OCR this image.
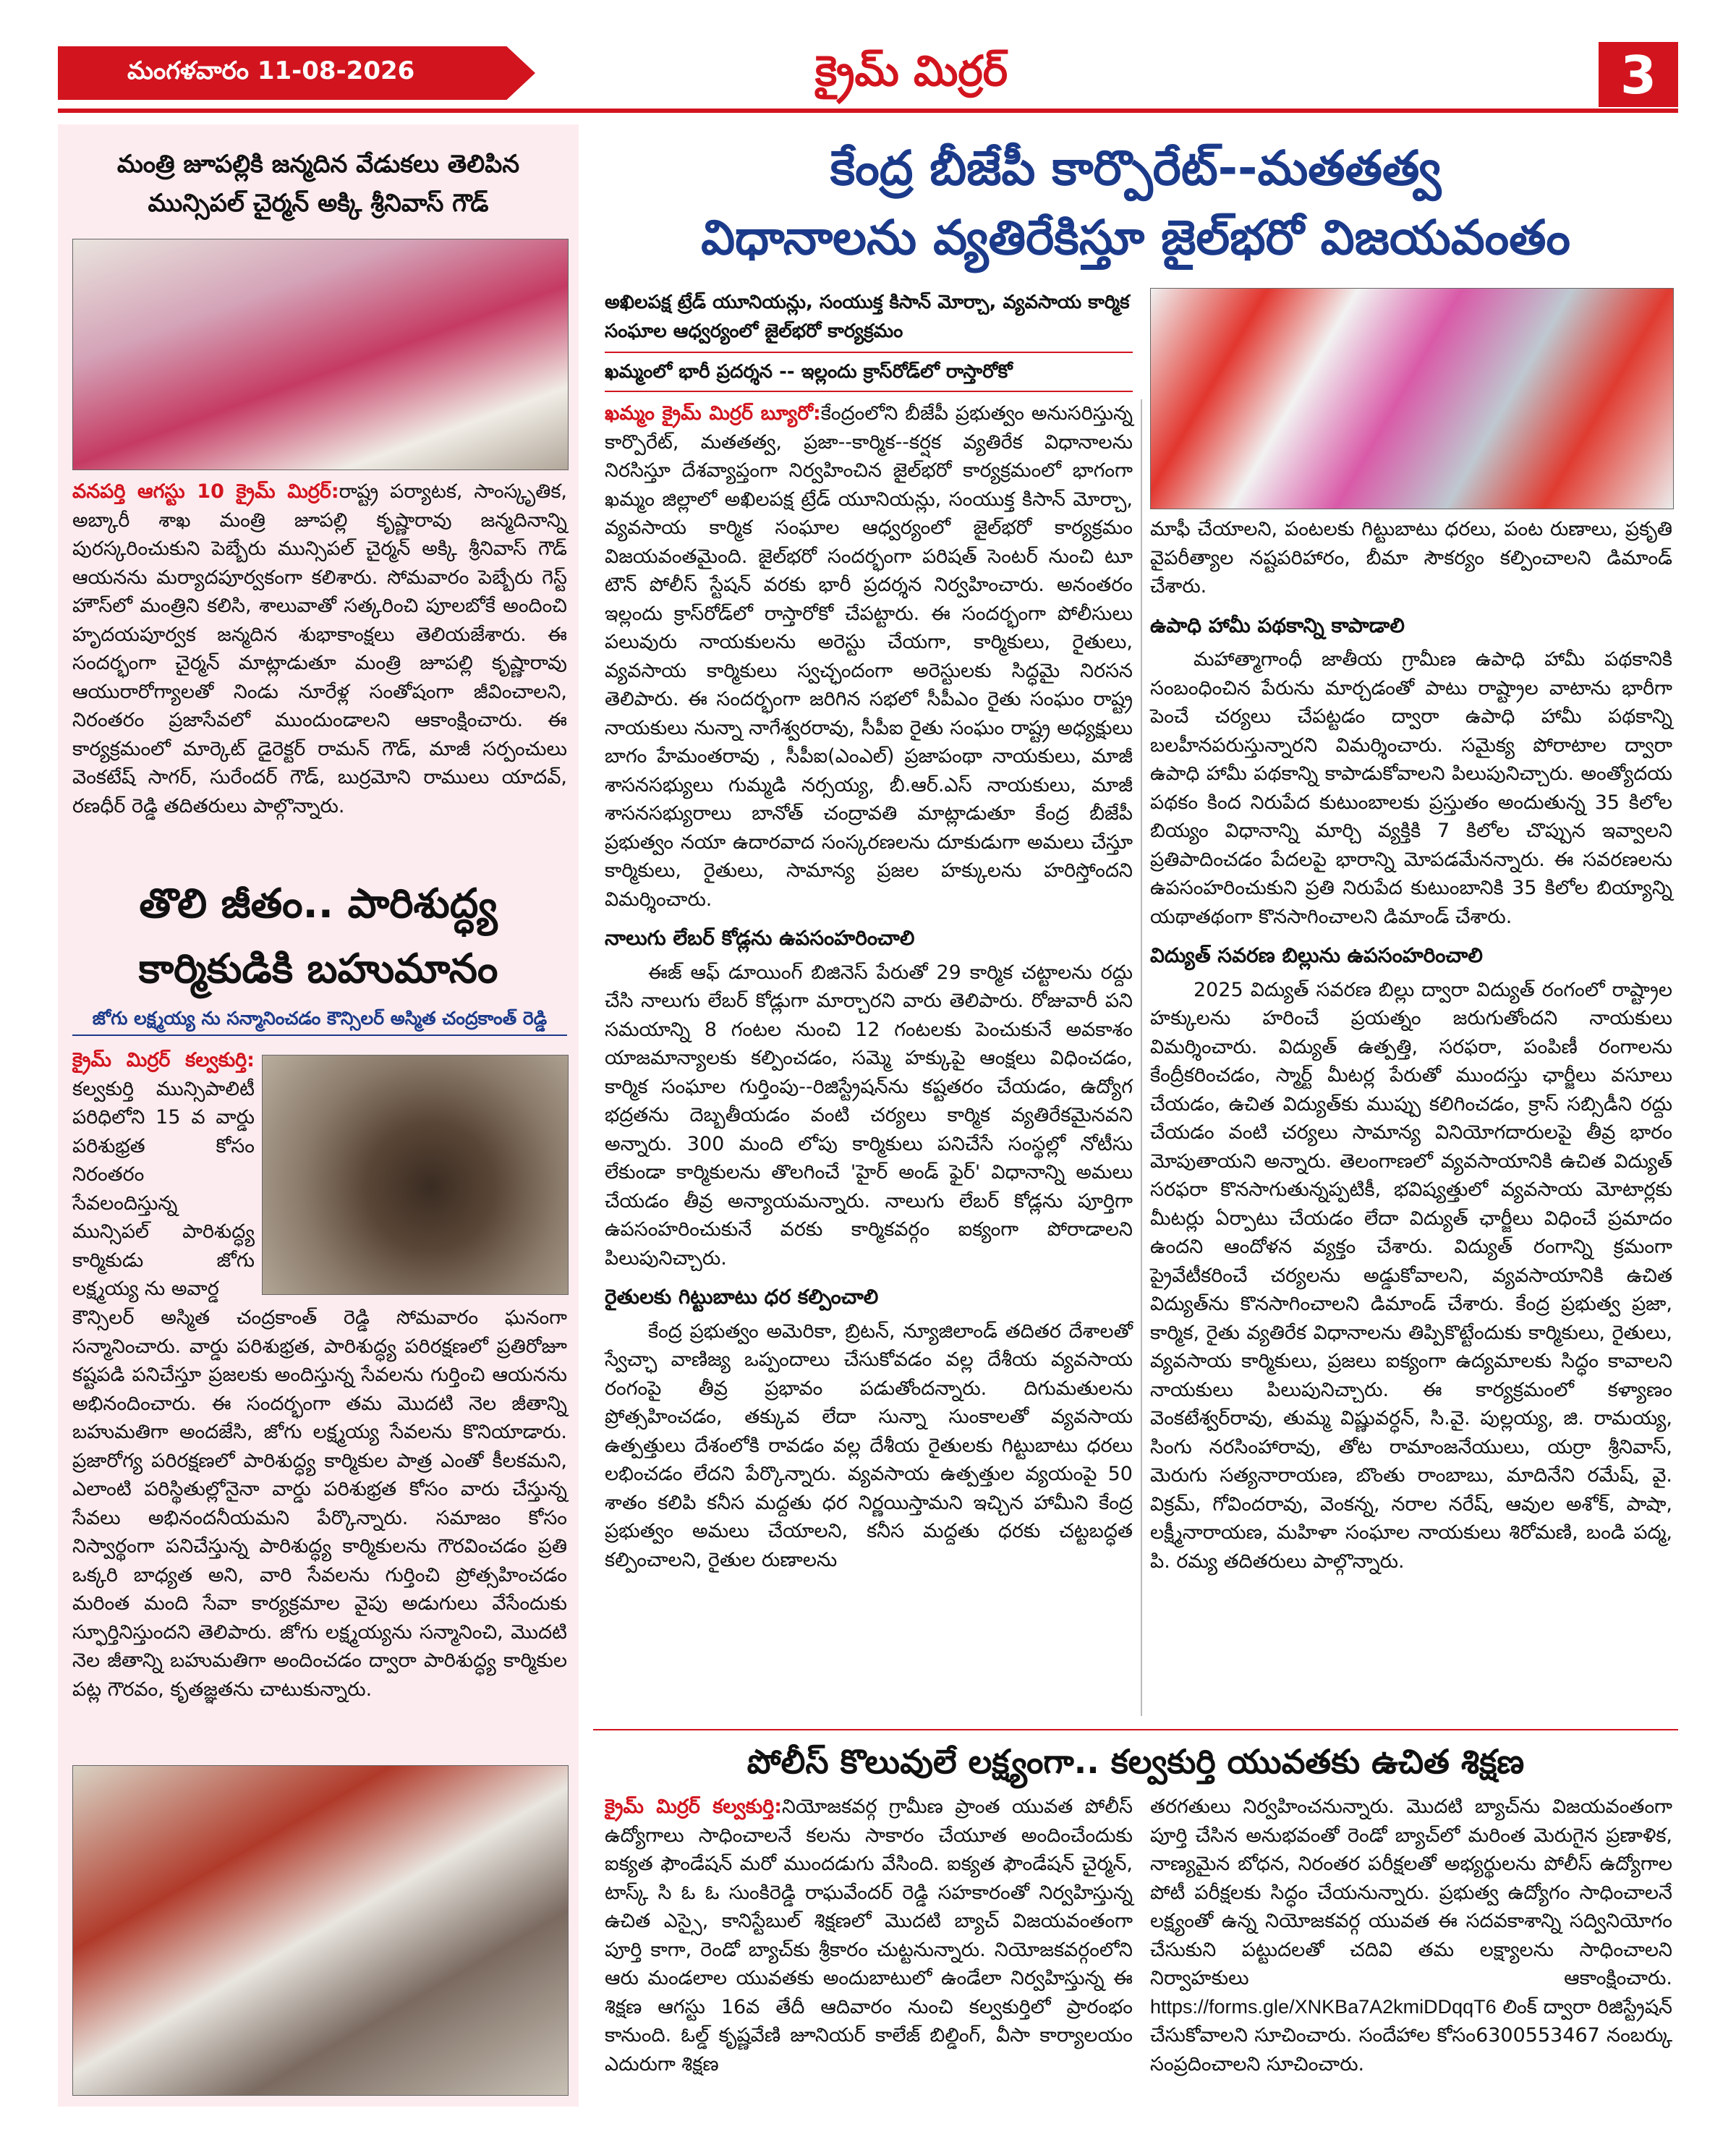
మంగళవారం 11-08-2026	క్రైమ్ మిర్రర్	3
మంత్రి జూపల్లికి జన్మదిన వేడుకలు తెలిపిన మున్సిపల్ చైర్మన్ అక్కి శ్రీనివాస్ గౌడ్

వనపర్తి ఆగస్టు 10 క్రైమ్ మిర్రర్:రాష్ట్ర పర్యాటక, సాంస్కృతిక, అబ్కారీ శాఖ మంత్రి జూపల్లి కృష్ణారావు జన్మదినాన్ని పురస్కరించుకుని పెబ్బేరు మున్సిపల్ చైర్మన్ అక్కి శ్రీనివాస్ గౌడ్ ఆయనను మర్యాదపూర్వకంగా కలిశారు. సోమవారం పెబ్బేరు గెస్ట్ హౌస్‌లో మంత్రిని కలిసి, శాలువాతో సత్కరించి పూలబోకే అందించి హృదయపూర్వక జన్మదిన శుభాకాంక్షలు తెలియజేశారు. ఈ సందర్భంగా చైర్మన్ మాట్లాడుతూ మంత్రి జూపల్లి కృష్ణారావు ఆయురారోగ్యాలతో నిండు నూరేళ్ల సంతోషంగా జీవించాలని, నిరంతరం ప్రజాసేవలో ముందుండాలని ఆకాంక్షించారు. ఈ కార్యక్రమంలో మార్కెట్ డైరెక్టర్ రామన్ గౌడ్, మాజీ సర్పంచులు వెంకటేష్ సాగర్, సురేందర్ గౌడ్, బుర్రమోని రాములు యాదవ్, రణధీర్ రెడ్డి తదితరులు పాల్గొన్నారు.

తొలి జీతం.. పారిశుద్ధ్య
కార్మికుడికి బహుమానం
జోగు లక్ష్మయ్య ను సన్మానించడం కౌన్సిలర్ అస్మిత చంద్రకాంత్ రెడ్డి

క్రైమ్ మిర్రర్ కల్వకుర్తి: కల్వకుర్తి మున్సిపాలిటీ పరిధిలోని 15 వ వార్డు పరిశుభ్రత కోసం నిరంతరం సేవలందిస్తున్న మున్సిపల్ పారిశుద్ధ్య కార్మికుడు జోగు లక్ష్మయ్య ను అవార్డ

కౌన్సిలర్ అస్మిత చంద్రకాంత్ రెడ్డి సోమవారం ఘనంగా సన్మానించారు. వార్డు పరిశుభ్రత, పారిశుద్ధ్య పరిరక్షణలో ప్రతిరోజూ కష్టపడి పనిచేస్తూ ప్రజలకు అందిస్తున్న సేవలను గుర్తించి ఆయనను అభినందించారు. ఈ సందర్భంగా తమ మొదటి నెల జీతాన్ని బహుమతిగా అందజేసి, జోగు లక్ష్మయ్య సేవలను కొనియాడారు. ప్రజారోగ్య పరిరక్షణలో పారిశుద్ధ్య కార్మికుల పాత్ర ఎంతో కీలకమని, ఎలాంటి పరిస్థితుల్లోనైనా వార్డు పరిశుభ్రత కోసం వారు చేస్తున్న సేవలు అభినందనీయమని పేర్కొన్నారు. సమాజం కోసం నిస్వార్థంగా పనిచేస్తున్న పారిశుద్ధ్య కార్మికులను గౌరవించడం ప్రతి ఒక్కరి బాధ్యత అని, వారి సేవలను గుర్తించి ప్రోత్సహించడం మరింత మంది సేవా కార్యక్రమాల వైపు అడుగులు వేసేందుకు స్ఫూర్తినిస్తుందని తెలిపారు. జోగు లక్ష్మయ్యను సన్మానించి, మొదటి నెల జీతాన్ని బహుమతిగా అందించడం ద్వారా పారిశుద్ధ్య కార్మికుల పట్ల గౌరవం, కృతజ్ఞతను చాటుకున్నారు.
కేంద్ర బీజేపీ కార్పొరేట్--మతతత్వ
విధానాలను వ్యతిరేకిస్తూ జైల్‌భరో విజయవంతం
అఖిలపక్ష ట్రేడ్ యూనియన్లు, సంయుక్త కిసాన్ మోర్చా, వ్యవసాయ కార్మిక సంఘాల ఆధ్వర్యంలో జైల్‌భరో కార్యక్రమం
ఖమ్మంలో భారీ ప్రదర్శన -- ఇల్లందు క్రాస్‌రోడ్‌లో రాస్తారోకో

ఖమ్మం క్రైమ్ మిర్రర్ బ్యూరో:కేంద్రంలోని బీజేపీ ప్రభుత్వం అనుసరిస్తున్న కార్పొరేట్, మతతత్వ, ప్రజా--కార్మిక--కర్షక వ్యతిరేక విధానాలను నిరసిస్తూ దేశవ్యాప్తంగా నిర్వహించిన జైల్‌భరో కార్యక్రమంలో భాగంగా ఖమ్మం జిల్లాలో అఖిలపక్ష ట్రేడ్ యూనియన్లు, సంయుక్త కిసాన్ మోర్చా, వ్యవసాయ కార్మిక సంఘాల ఆధ్వర్యంలో జైల్‌భరో కార్యక్రమం విజయవంతమైంది. జైల్‌భరో సందర్భంగా పరిషత్ సెంటర్ నుంచి టూ టౌన్ పోలీస్ స్టేషన్ వరకు భారీ ప్రదర్శన నిర్వహించారు. అనంతరం ఇల్లందు క్రాస్‌రోడ్‌లో రాస్తారోకో చేపట్టారు. ఈ సందర్భంగా పోలీసులు పలువురు నాయకులను అరెస్టు చేయగా, కార్మికులు, రైతులు, వ్యవసాయ కార్మికులు స్వచ్ఛందంగా అరెస్టులకు సిద్ధమై నిరసన తెలిపారు. ఈ సందర్భంగా జరిగిన సభలో సీపీఎం రైతు సంఘం రాష్ట్ర నాయకులు నున్నా నాగేశ్వరరావు, సీపీఐ రైతు సంఘం రాష్ట్ర అధ్యక్షులు బాగం హేమంతరావు , సీపీఐ(ఎంఎల్) ప్రజాపంథా నాయకులు, మాజీ శాసనసభ్యులు గుమ్మడి నర్సయ్య, బీ.ఆర్.ఎస్ నాయకులు, మాజీ శాసనసభ్యురాలు బానోత్ చంద్రావతి మాట్లాడుతూ కేంద్ర బీజేపీ ప్రభుత్వం నయా ఉదారవాద సంస్కరణలను దూకుడుగా అమలు చేస్తూ కార్మికులు, రైతులు, సామాన్య ప్రజల హక్కులను హరిస్తోందని విమర్శించారు.

నాలుగు లేబర్ కోడ్లను ఉపసంహరించాలి

ఈజ్ ఆఫ్ డూయింగ్ బిజినెస్ పేరుతో 29 కార్మిక చట్టాలను రద్దు చేసి నాలుగు లేబర్ కోడ్లుగా మార్చారని వారు తెలిపారు. రోజువారీ పని సమయాన్ని 8 గంటల నుంచి 12 గంటలకు పెంచుకునే అవకాశం యాజమాన్యాలకు కల్పించడం, సమ్మె హక్కుపై ఆంక్షలు విధించడం, కార్మిక సంఘాల గుర్తింపు--రిజిస్ట్రేషన్‌ను కష్టతరం చేయడం, ఉద్యోగ భద్రతను దెబ్బతీయడం వంటి చర్యలు కార్మిక వ్యతిరేకమైనవని అన్నారు. 300 మంది లోపు కార్మికులు పనిచేసే సంస్థల్లో నోటీసు లేకుండా కార్మికులను తొలగించే 'హైర్ అండ్ ఫైర్' విధానాన్ని అమలు చేయడం తీవ్ర అన్యాయమన్నారు. నాలుగు లేబర్ కోడ్లను పూర్తిగా ఉపసంహరించుకునే వరకు కార్మికవర్గం ఐక్యంగా పోరాడాలని పిలుపునిచ్చారు.

రైతులకు గిట్టుబాటు ధర కల్పించాలి

కేంద్ర ప్రభుత్వం అమెరికా, బ్రిటన్, న్యూజిలాండ్ తదితర దేశాలతో స్వేచ్ఛా వాణిజ్య ఒప్పందాలు చేసుకోవడం వల్ల దేశీయ వ్యవసాయ రంగంపై తీవ్ర ప్రభావం పడుతోందన్నారు. దిగుమతులను ప్రోత్సహించడం, తక్కువ లేదా సున్నా సుంకాలతో వ్యవసాయ ఉత్పత్తులు దేశంలోకి రావడం వల్ల దేశీయ రైతులకు గిట్టుబాటు ధరలు లభించడం లేదని పేర్కొన్నారు. వ్యవసాయ ఉత్పత్తుల వ్యయంపై 50 శాతం కలిపి కనీస మద్దతు ధర నిర్ణయిస్తామని ఇచ్చిన హామీని కేంద్ర ప్రభుత్వం అమలు చేయాలని, కనీస మద్దతు ధరకు చట్టబద్ధత కల్పించాలని, రైతుల రుణాలను

మాఫీ చేయాలని, పంటలకు గిట్టుబాటు ధరలు, పంట రుణాలు, ప్రకృతి వైపరీత్యాల నష్టపరిహారం, బీమా సౌకర్యం కల్పించాలని డిమాండ్ చేశారు.

ఉపాధి హామీ పథకాన్ని కాపాడాలి

మహాత్మాగాంధీ జాతీయ గ్రామీణ ఉపాధి హామీ పథకానికి సంబంధించిన పేరును మార్చడంతో పాటు రాష్ట్రాల వాటాను భారీగా పెంచే చర్యలు చేపట్టడం ద్వారా ఉపాధి హామీ పథకాన్ని బలహీనపరుస్తున్నారని విమర్శించారు. సమైక్య పోరాటాల ద్వారా ఉపాధి హామీ పథకాన్ని కాపాడుకోవాలని పిలుపునిచ్చారు. అంత్యోదయ పథకం కింద నిరుపేద కుటుంబాలకు ప్రస్తుతం అందుతున్న 35 కిలోల బియ్యం విధానాన్ని మార్చి వ్యక్తికి 7 కిలోల చొప్పున ఇవ్వాలని ప్రతిపాదించడం పేదలపై భారాన్ని మోపడమేనన్నారు. ఈ సవరణలను ఉపసంహరించుకుని ప్రతి నిరుపేద కుటుంబానికి 35 కిలోల బియ్యాన్ని యథాతథంగా కొనసాగించాలని డిమాండ్ చేశారు.

విద్యుత్ సవరణ బిల్లును ఉపసంహరించాలి

2025 విద్యుత్ సవరణ బిల్లు ద్వారా విద్యుత్ రంగంలో రాష్ట్రాల హక్కులను హరించే ప్రయత్నం జరుగుతోందని నాయకులు విమర్శించారు. విద్యుత్ ఉత్పత్తి, సరఫరా, పంపిణీ రంగాలను కేంద్రీకరించడం, స్మార్ట్ మీటర్ల పేరుతో ముందస్తు ఛార్జీలు వసూలు చేయడం, ఉచిత విద్యుత్‌కు ముప్పు కలిగించడం, క్రాస్ సబ్సిడీని రద్దు చేయడం వంటి చర్యలు సామాన్య వినియోగదారులపై తీవ్ర భారం మోపుతాయని అన్నారు. తెలంగాణలో వ్యవసాయానికి ఉచిత విద్యుత్ సరఫరా కొనసాగుతున్నప్పటికీ, భవిష్యత్తులో వ్యవసాయ మోటార్లకు మీటర్లు ఏర్పాటు చేయడం లేదా విద్యుత్ ఛార్జీలు విధించే ప్రమాదం ఉందని ఆందోళన వ్యక్తం చేశారు. విద్యుత్ రంగాన్ని క్రమంగా ప్రైవేటీకరించే చర్యలను అడ్డుకోవాలని, వ్యవసాయానికి ఉచిత విద్యుత్‌ను కొనసాగించాలని డిమాండ్ చేశారు. కేంద్ర ప్రభుత్వ ప్రజా, కార్మిక, రైతు వ్యతిరేక విధానాలను తిప్పికొట్టేందుకు కార్మికులు, రైతులు, వ్యవసాయ కార్మికులు, ప్రజలు ఐక్యంగా ఉద్యమాలకు సిద్ధం కావాలని నాయకులు పిలుపునిచ్చారు. ఈ కార్యక్రమంలో కళ్యాణం వెంకటేశ్వర్‌రావు, తుమ్మ విష్ణువర్ధన్, సి.వై. పుల్లయ్య, జి. రామయ్య, సింగు నరసింహారావు, తోట రామాంజనేయులు, యర్రా శ్రీనివాస్, మెరుగు సత్యనారాయణ, బొంతు రాంబాబు, మాదినేని రమేష్, వై. విక్రమ్, గోవిందరావు, వెంకన్న, నరాల నరేష్, ఆవుల అశోక్, పాషా, లక్ష్మీనారాయణ, మహిళా సంఘాల నాయకులు శిరోమణి, బండి పద్మ, పి. రమ్య తదితరులు పాల్గొన్నారు.

పోలీస్ కొలువులే లక్ష్యంగా.. కల్వకుర్తి యువతకు ఉచిత శిక్షణ

క్రైమ్ మిర్రర్ కల్వకుర్తి:నియోజకవర్గ గ్రామీణ ప్రాంత యువత పోలీస్ ఉద్యోగాలు సాధించాలనే కలను సాకారం చేయూత అందించేందుకు ఐక్యత ఫౌండేషన్ మరో ముందడుగు వేసింది. ఐక్యత ఫౌండేషన్ చైర్మన్, టాస్క్ సి ఓ ఓ సుంకిరెడ్డి రాఘవేందర్ రెడ్డి సహకారంతో నిర్వహిస్తున్న ఉచిత ఎస్సై, కానిస్టేబుల్ శిక్షణలో మొదటి బ్యాచ్ విజయవంతంగా పూర్తి కాగా, రెండో బ్యాచ్‌కు శ్రీకారం చుట్టనున్నారు. నియోజకవర్గంలోని ఆరు మండలాల యువతకు అందుబాటులో ఉండేలా నిర్వహిస్తున్న ఈ శిక్షణ ఆగస్టు 16వ తేదీ ఆదివారం నుంచి కల్వకుర్తిలో ప్రారంభం కానుంది. ఓల్డ్ కృష్ణవేణి జూనియర్ కాలేజ్ బిల్డింగ్, వీసా కార్యాలయం ఎదురుగా శిక్షణ

తరగతులు నిర్వహించనున్నారు. మొదటి బ్యాచ్‌ను విజయవంతంగా పూర్తి చేసిన అనుభవంతో రెండో బ్యాచ్‌లో మరింత మెరుగైన ప్రణాళిక, నాణ్యమైన బోధన, నిరంతర పరీక్షలతో అభ్యర్థులను పోలీస్ ఉద్యోగాల పోటీ పరీక్షలకు సిద్ధం చేయనున్నారు. ప్రభుత్వ ఉద్యోగం సాధించాలనే లక్ష్యంతో ఉన్న నియోజకవర్గ యువత ఈ సదవకాశాన్ని సద్వినియోగం చేసుకుని పట్టుదలతో చదివి తమ లక్ష్యాలను సాధించాలని నిర్వాహకులు ఆకాంక్షించారు. https://forms.gle/XNKBa7A2kmiDDqqT6 లింక్ ద్వారా రిజిస్ట్రేషన్ చేసుకోవాలని సూచించారు. సందేహాల కోసం6300553467 నంబర్కు సంప్రదించాలని సూచించారు.
